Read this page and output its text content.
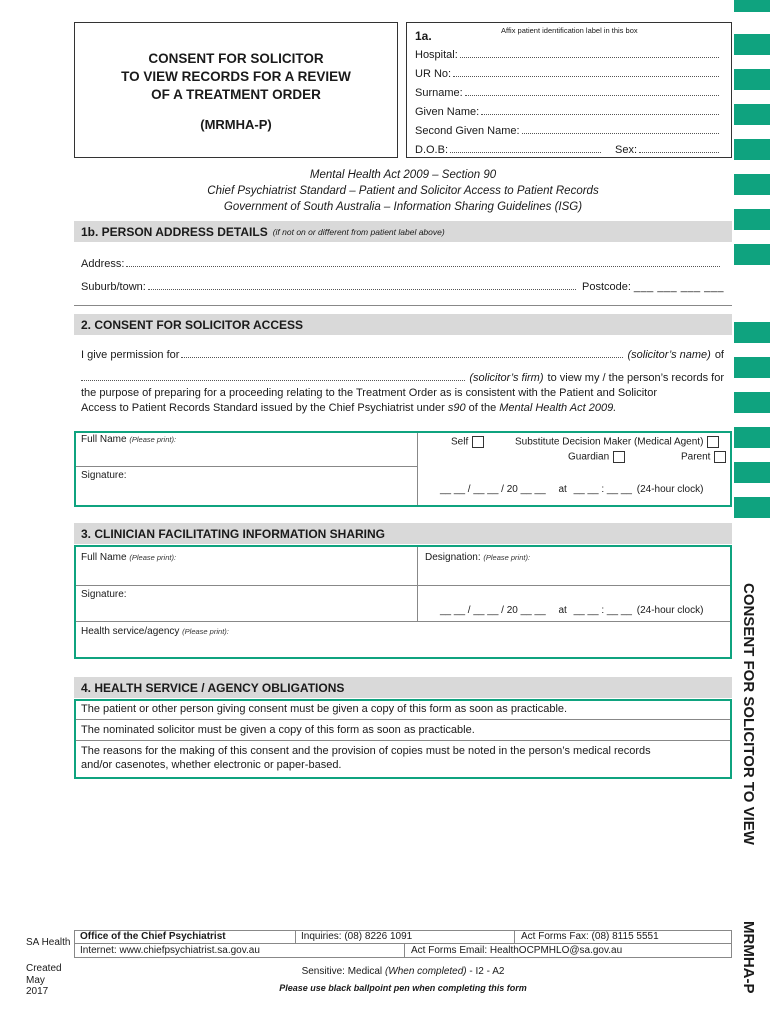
CONSENT FOR SOLICITOR
TO VIEW RECORDS FOR A REVIEW
OF A TREATMENT ORDER
(MRMHA-P)
1a.	Affix patient identification label in this box
Hospital:
UR No:
Surname:
Given Name:
Second Given Name:
D.O.B:	Sex:
Mental Health Act 2009 – Section 90
Chief Psychiatrist Standard – Patient and Solicitor Access to Patient Records
Government of South Australia – Information Sharing Guidelines (ISG)
1b. PERSON ADDRESS DETAILS (if not on or different from patient label above)
Address:
Suburb/town:	Postcode: ___ ___ ___ ___
2. CONSENT FOR SOLICITOR ACCESS
I give permission for	(solicitor’s name) of
(solicitor’s firm) to view my / the person’s records for
the purpose of preparing for a proceeding relating to the Treatment Order as is consistent with the Patient and Solicitor
Access to Patient Records Standard issued by the Chief Psychiatrist under s90 of the Mental Health Act 2009.
Full Name (Please print):
Signature:
Self	Substitute Decision Maker (Medical Agent)
Guardian	Parent
__ __ / __ __ / 20 __ __ at __ __ : __ __ (24-hour clock)
3. CLINICIAN FACILITATING INFORMATION SHARING
Full Name (Please print):	Designation: (Please print):
Signature:
__ __ / __ __ / 20 __ __ at __ __ : __ __ (24-hour clock)
Health service/agency (Please print):
4. HEALTH SERVICE / AGENCY OBLIGATIONS
The patient or other person giving consent must be given a copy of this form as soon as practicable.
The nominated solicitor must be given a copy of this form as soon as practicable.
The reasons for the making of this consent and the provision of copies must be noted in the person’s medical records
and/or casenotes, whether electronic or paper-based.	CONSENT FOR SOLICITOR TO VIEW
MRMHA-P
SA Health
Created
May
2017
Office of the Chief Psychiatrist	Inquiries: (08) 8226 1091	Act Forms Fax: (08) 8115 5551
Internet: www.chiefpsychiatrist.sa.gov.au	Act Forms Email: HealthOCPMHLO@sa.gov.au
Sensitive: Medical (When completed) - I2 - A2
Please use black ballpoint pen when completing this form
